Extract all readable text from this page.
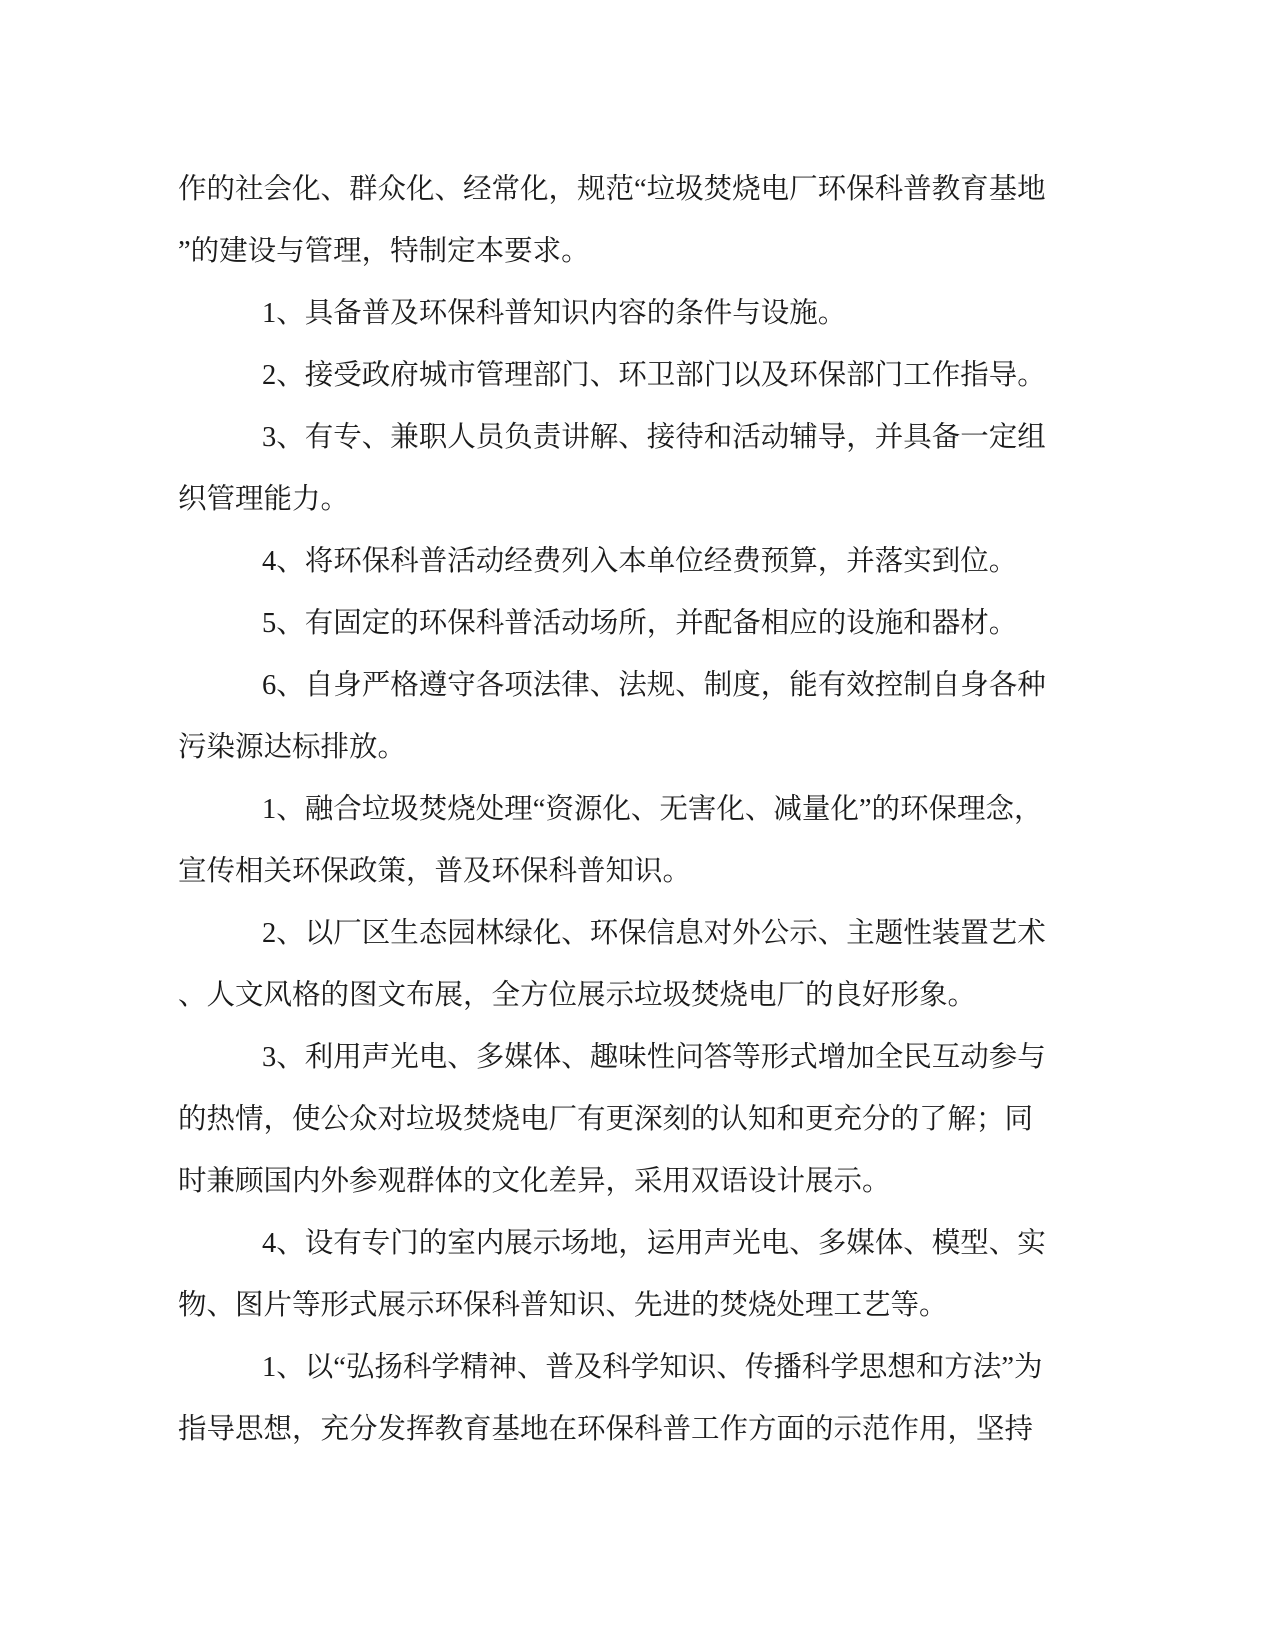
作的社会化、群众化、经常化，规范“垃圾焚烧电厂环保科普教育基地
”的建设与管理，特制定本要求。
1、具备普及环保科普知识内容的条件与设施。
2、接受政府城市管理部门、环卫部门以及环保部门工作指导。
3、有专、兼职人员负责讲解、接待和活动辅导，并具备一定组
织管理能力。
4、将环保科普活动经费列入本单位经费预算，并落实到位。
5、有固定的环保科普活动场所，并配备相应的设施和器材。
6、自身严格遵守各项法律、法规、制度，能有效控制自身各种
污染源达标排放。
1、融合垃圾焚烧处理“资源化、无害化、减量化”的环保理念，
宣传相关环保政策，普及环保科普知识。
2、以厂区生态园林绿化、环保信息对外公示、主题性装置艺术
、人文风格的图文布展，全方位展示垃圾焚烧电厂的良好形象。
3、利用声光电、多媒体、趣味性问答等形式增加全民互动参与
的热情，使公众对垃圾焚烧电厂有更深刻的认知和更充分的了解；同
时兼顾国内外参观群体的文化差异，采用双语设计展示。
4、设有专门的室内展示场地，运用声光电、多媒体、模型、实
物、图片等形式展示环保科普知识、先进的焚烧处理工艺等。
1、以“弘扬科学精神、普及科学知识、传播科学思想和方法”为
指导思想，充分发挥教育基地在环保科普工作方面的示范作用，坚持
